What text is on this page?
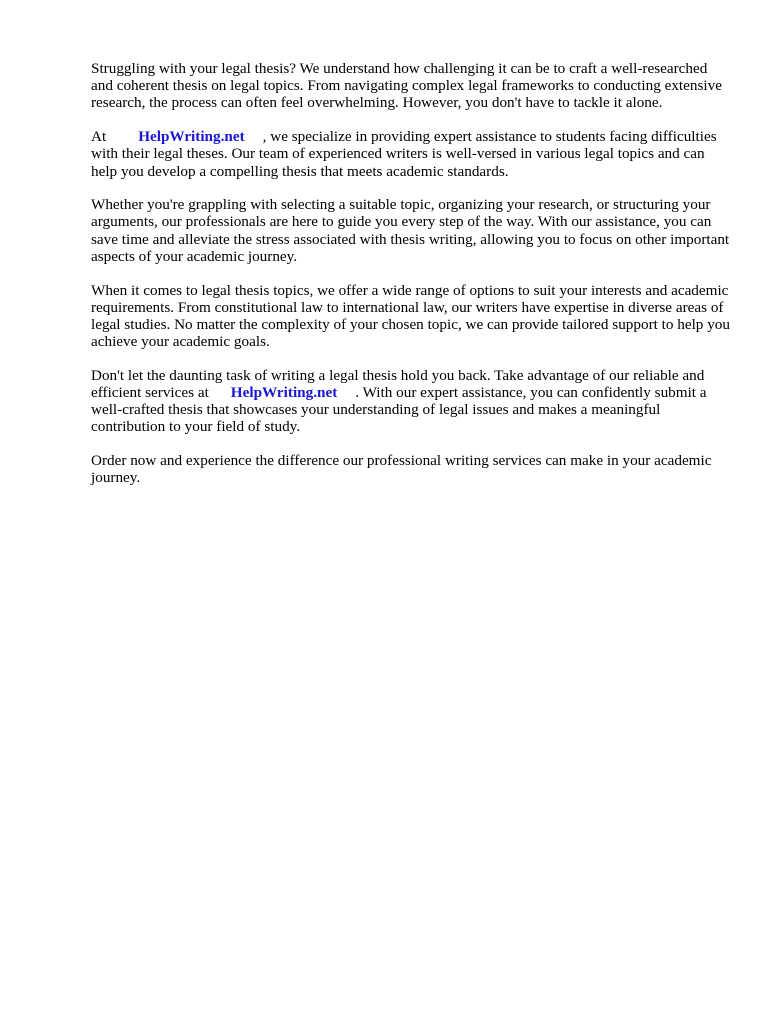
Struggling with your legal thesis? We understand how challenging it can be to craft a well-researched and coherent thesis on legal topics. From navigating complex legal frameworks to conducting extensive research, the process can often feel overwhelming. However, you don't have to tackle it alone.

At HelpWriting.net , we specialize in providing expert assistance to students facing difficulties with their legal theses. Our team of experienced writers is well-versed in various legal topics and can help you develop a compelling thesis that meets academic standards.

Whether you're grappling with selecting a suitable topic, organizing your research, or structuring your arguments, our professionals are here to guide you every step of the way. With our assistance, you can save time and alleviate the stress associated with thesis writing, allowing you to focus on other important aspects of your academic journey.

When it comes to legal thesis topics, we offer a wide range of options to suit your interests and academic requirements. From constitutional law to international law, our writers have expertise in diverse areas of legal studies. No matter the complexity of your chosen topic, we can provide tailored support to help you achieve your academic goals.

Don't let the daunting task of writing a legal thesis hold you back. Take advantage of our reliable and efficient services at HelpWriting.net . With our expert assistance, you can confidently submit a well-crafted thesis that showcases your understanding of legal issues and makes a meaningful contribution to your field of study.

Order now and experience the difference our professional writing services can make in your academic journey.
